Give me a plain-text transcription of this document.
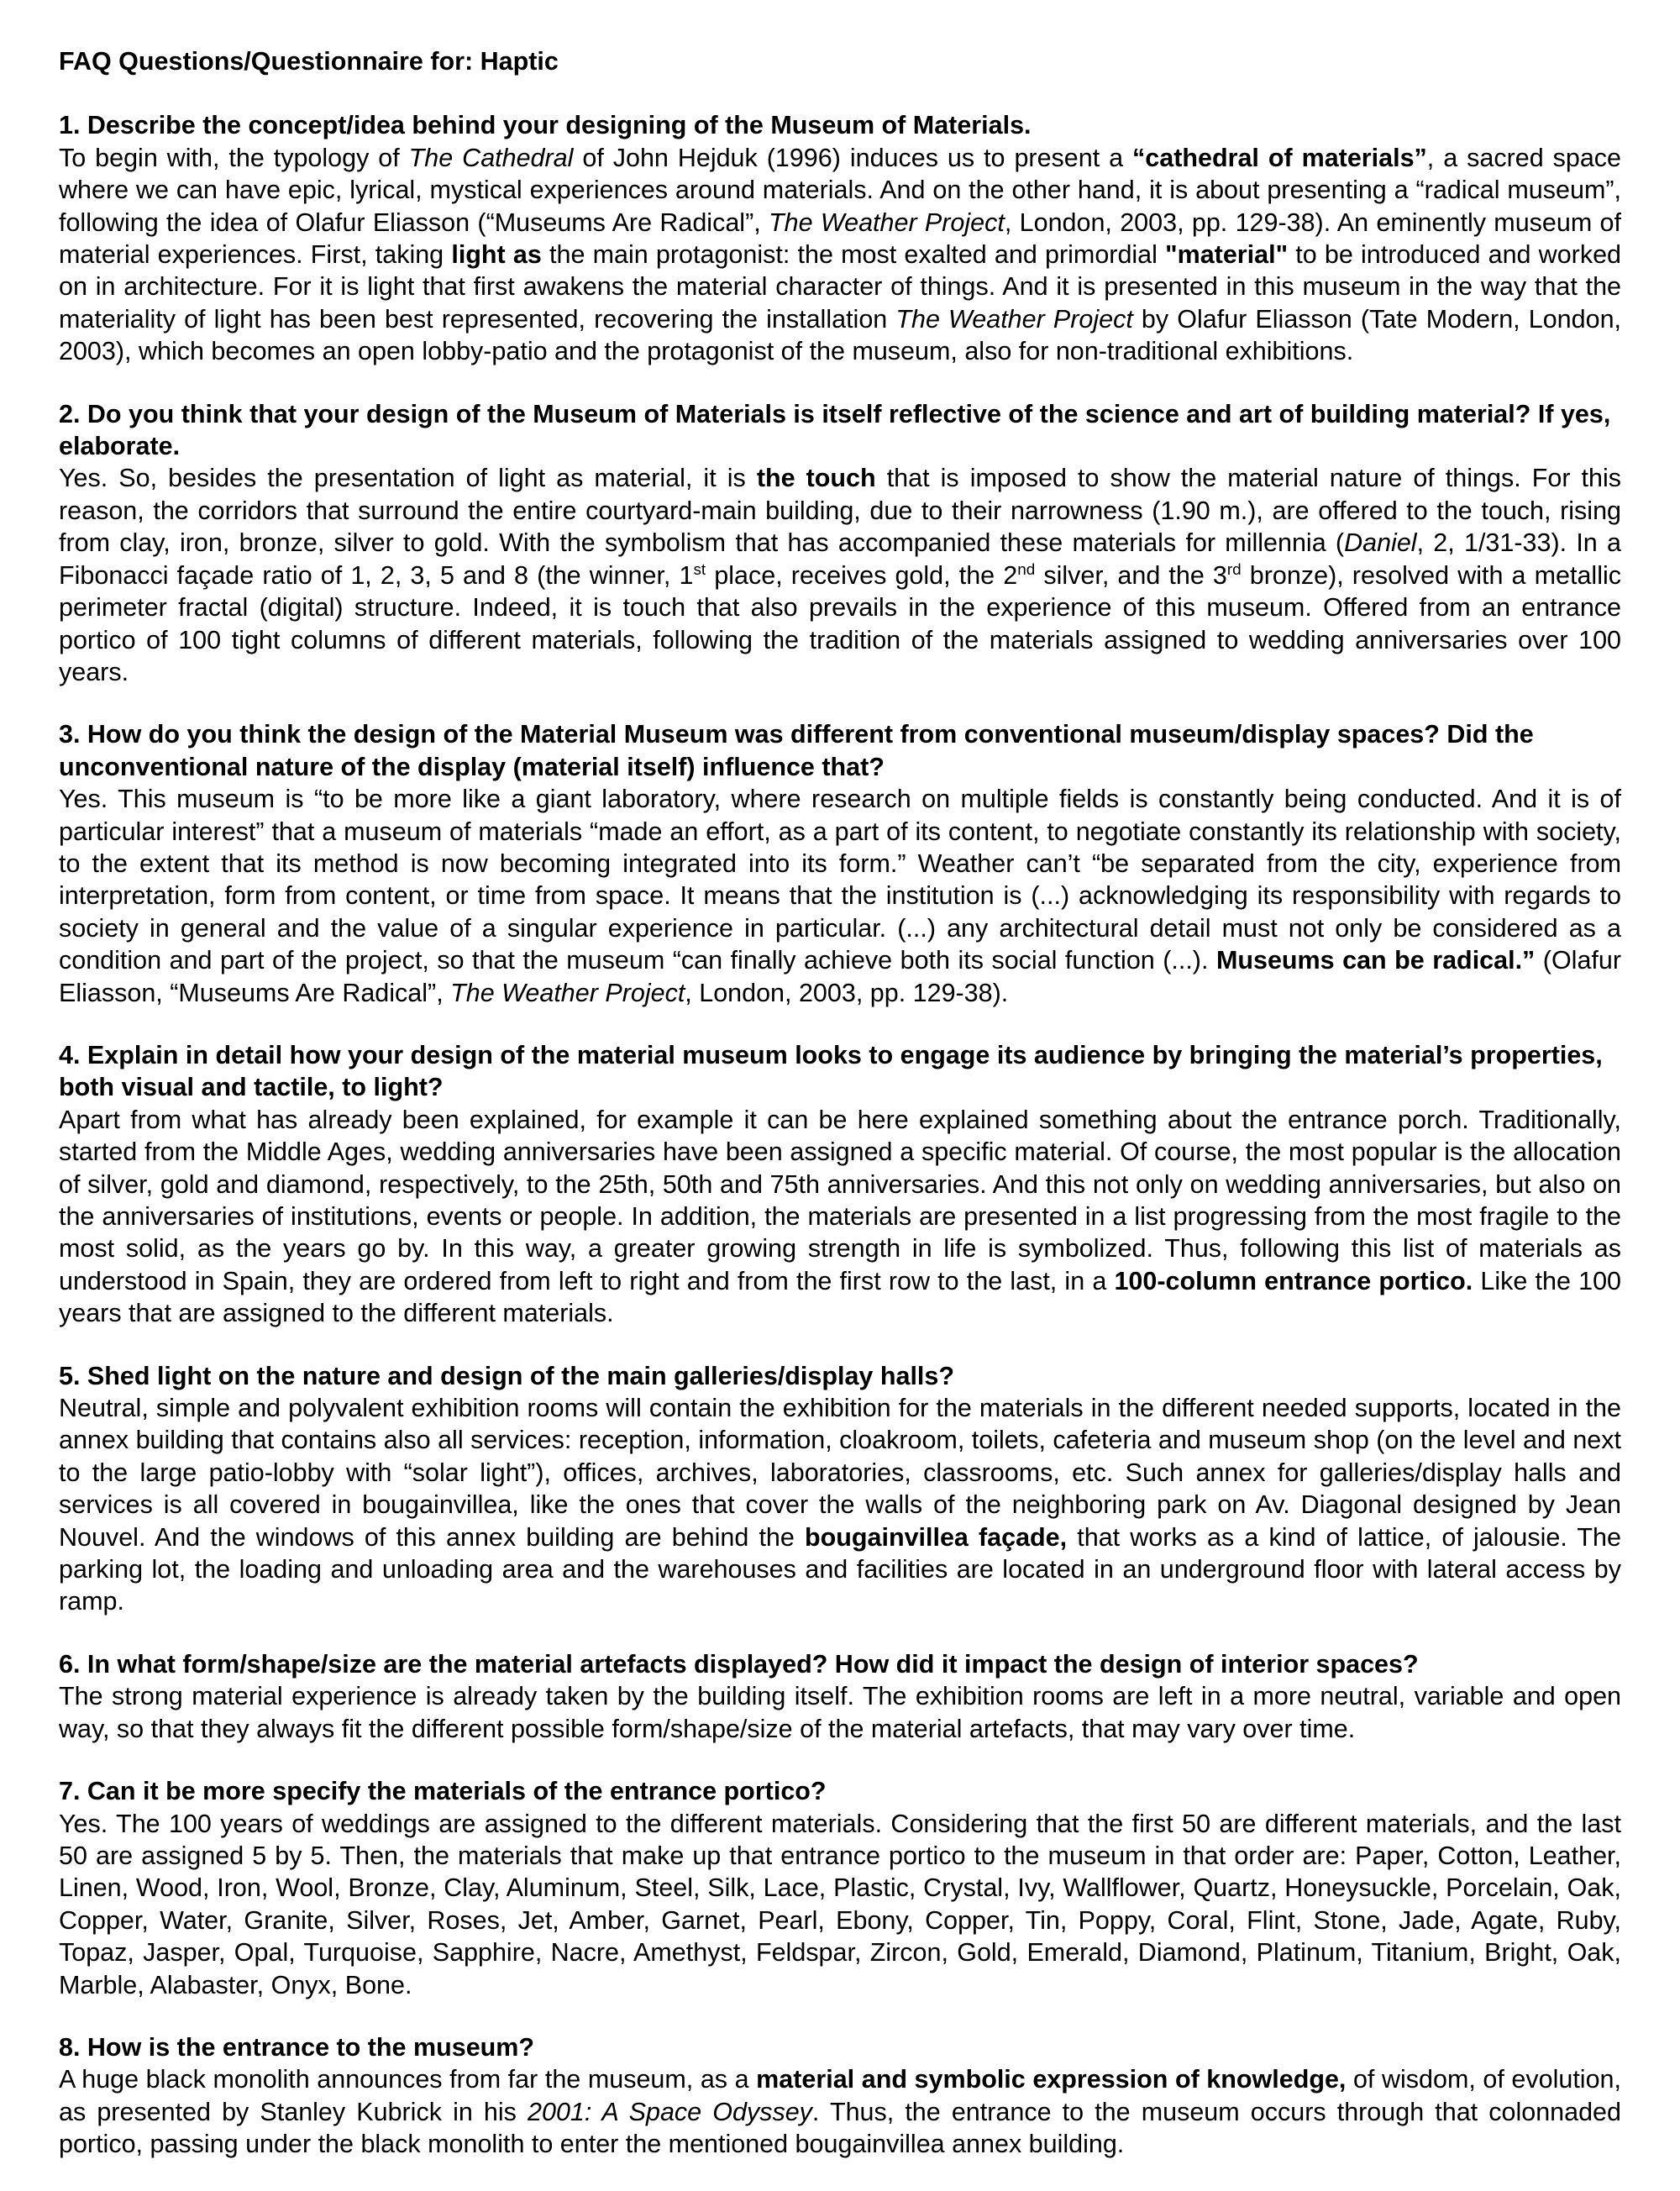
FAQ Questions/Questionnaire for: Haptic
1. Describe the concept/idea behind your designing of the Museum of Materials.
To begin with, the typology of The Cathedral of John Hejduk (1996) induces us to present a “cathedral of materials”, a sacred space where we can have epic, lyrical, mystical experiences around materials. And on the other hand, it is about presenting a “radical museum”, following the idea of Olafur Eliasson (“Museums Are Radical”, The Weather Project, London, 2003, pp. 129-38). An eminently museum of material experiences. First, taking light as the main protagonist: the most exalted and primordial "material" to be introduced and worked on in architecture. For it is light that first awakens the material character of things. And it is presented in this museum in the way that the materiality of light has been best represented, recovering the installation The Weather Project by Olafur Eliasson (Tate Modern, London, 2003), which becomes an open lobby-patio and the protagonist of the museum, also for non-traditional exhibitions.
2. Do you think that your design of the Museum of Materials is itself reflective of the science and art of building material? If yes, elaborate.
Yes. So, besides the presentation of light as material, it is the touch that is imposed to show the material nature of things. For this reason, the corridors that surround the entire courtyard-main building, due to their narrowness (1.90 m.), are offered to the touch, rising from clay, iron, bronze, silver to gold. With the symbolism that has accompanied these materials for millennia (Daniel, 2, 1/31-33). In a Fibonacci façade ratio of 1, 2, 3, 5 and 8 (the winner, 1st place, receives gold, the 2nd silver, and the 3rd bronze), resolved with a metallic perimeter fractal (digital) structure. Indeed, it is touch that also prevails in the experience of this museum. Offered from an entrance portico of 100 tight columns of different materials, following the tradition of the materials assigned to wedding anniversaries over 100 years.
3. How do you think the design of the Material Museum was different from conventional museum/display spaces? Did the unconventional nature of the display (material itself) influence that?
Yes. This museum is “to be more like a giant laboratory, where research on multiple fields is constantly being conducted. And it is of particular interest” that a museum of materials “made an effort, as a part of its content, to negotiate constantly its relationship with society, to the extent that its method is now becoming integrated into its form.” Weather can’t “be separated from the city, experience from interpretation, form from content, or time from space. It means that the institution is (...) acknowledging its responsibility with regards to society in general and the value of a singular experience in particular. (...) any architectural detail must not only be considered as a condition and part of the project, so that the museum “can finally achieve both its social function (...). Museums can be radical.” (Olafur Eliasson, “Museums Are Radical”, The Weather Project, London, 2003, pp. 129-38).
4. Explain in detail how your design of the material museum looks to engage its audience by bringing the material’s properties, both visual and tactile, to light?
Apart from what has already been explained, for example it can be here explained something about the entrance porch. Traditionally, started from the Middle Ages, wedding anniversaries have been assigned a specific material. Of course, the most popular is the allocation of silver, gold and diamond, respectively, to the 25th, 50th and 75th anniversaries. And this not only on wedding anniversaries, but also on the anniversaries of institutions, events or people. In addition, the materials are presented in a list progressing from the most fragile to the most solid, as the years go by. In this way, a greater growing strength in life is symbolized. Thus, following this list of materials as understood in Spain, they are ordered from left to right and from the first row to the last, in a 100-column entrance portico. Like the 100 years that are assigned to the different materials.
5. Shed light on the nature and design of the main galleries/display halls?
Neutral, simple and polyvalent exhibition rooms will contain the exhibition for the materials in the different needed supports, located in the annex building that contains also all services: reception, information, cloakroom, toilets, cafeteria and museum shop (on the level and next to the large patio-lobby with “solar light”), offices, archives, laboratories, classrooms, etc. Such annex for galleries/display halls and services is all covered in bougainvillea, like the ones that cover the walls of the neighboring park on Av. Diagonal designed by Jean Nouvel. And the windows of this annex building are behind the bougainvillea façade, that works as a kind of lattice, of jalousie. The parking lot, the loading and unloading area and the warehouses and facilities are located in an underground floor with lateral access by ramp.
6. In what form/shape/size are the material artefacts displayed? How did it impact the design of interior spaces?
The strong material experience is already taken by the building itself. The exhibition rooms are left in a more neutral, variable and open way, so that they always fit the different possible form/shape/size of the material artefacts, that may vary over time.
7. Can it be more specify the materials of the entrance portico?
Yes. The 100 years of weddings are assigned to the different materials. Considering that the first 50 are different materials, and the last 50 are assigned 5 by 5. Then, the materials that make up that entrance portico to the museum in that order are: Paper, Cotton, Leather, Linen, Wood, Iron, Wool, Bronze, Clay, Aluminum, Steel, Silk, Lace, Plastic, Crystal, Ivy, Wallflower, Quartz, Honeysuckle, Porcelain, Oak, Copper, Water, Granite, Silver, Roses, Jet, Amber, Garnet, Pearl, Ebony, Copper, Tin, Poppy, Coral, Flint, Stone, Jade, Agate, Ruby, Topaz, Jasper, Opal, Turquoise, Sapphire, Nacre, Amethyst, Feldspar, Zircon, Gold, Emerald, Diamond, Platinum, Titanium, Bright, Oak, Marble, Alabaster, Onyx, Bone.
8. How is the entrance to the museum?
A huge black monolith announces from far the museum, as a material and symbolic expression of knowledge, of wisdom, of evolution, as presented by Stanley Kubrick in his 2001: A Space Odyssey. Thus, the entrance to the museum occurs through that colonnaded portico, passing under the black monolith to enter the mentioned bougainvillea annex building.
